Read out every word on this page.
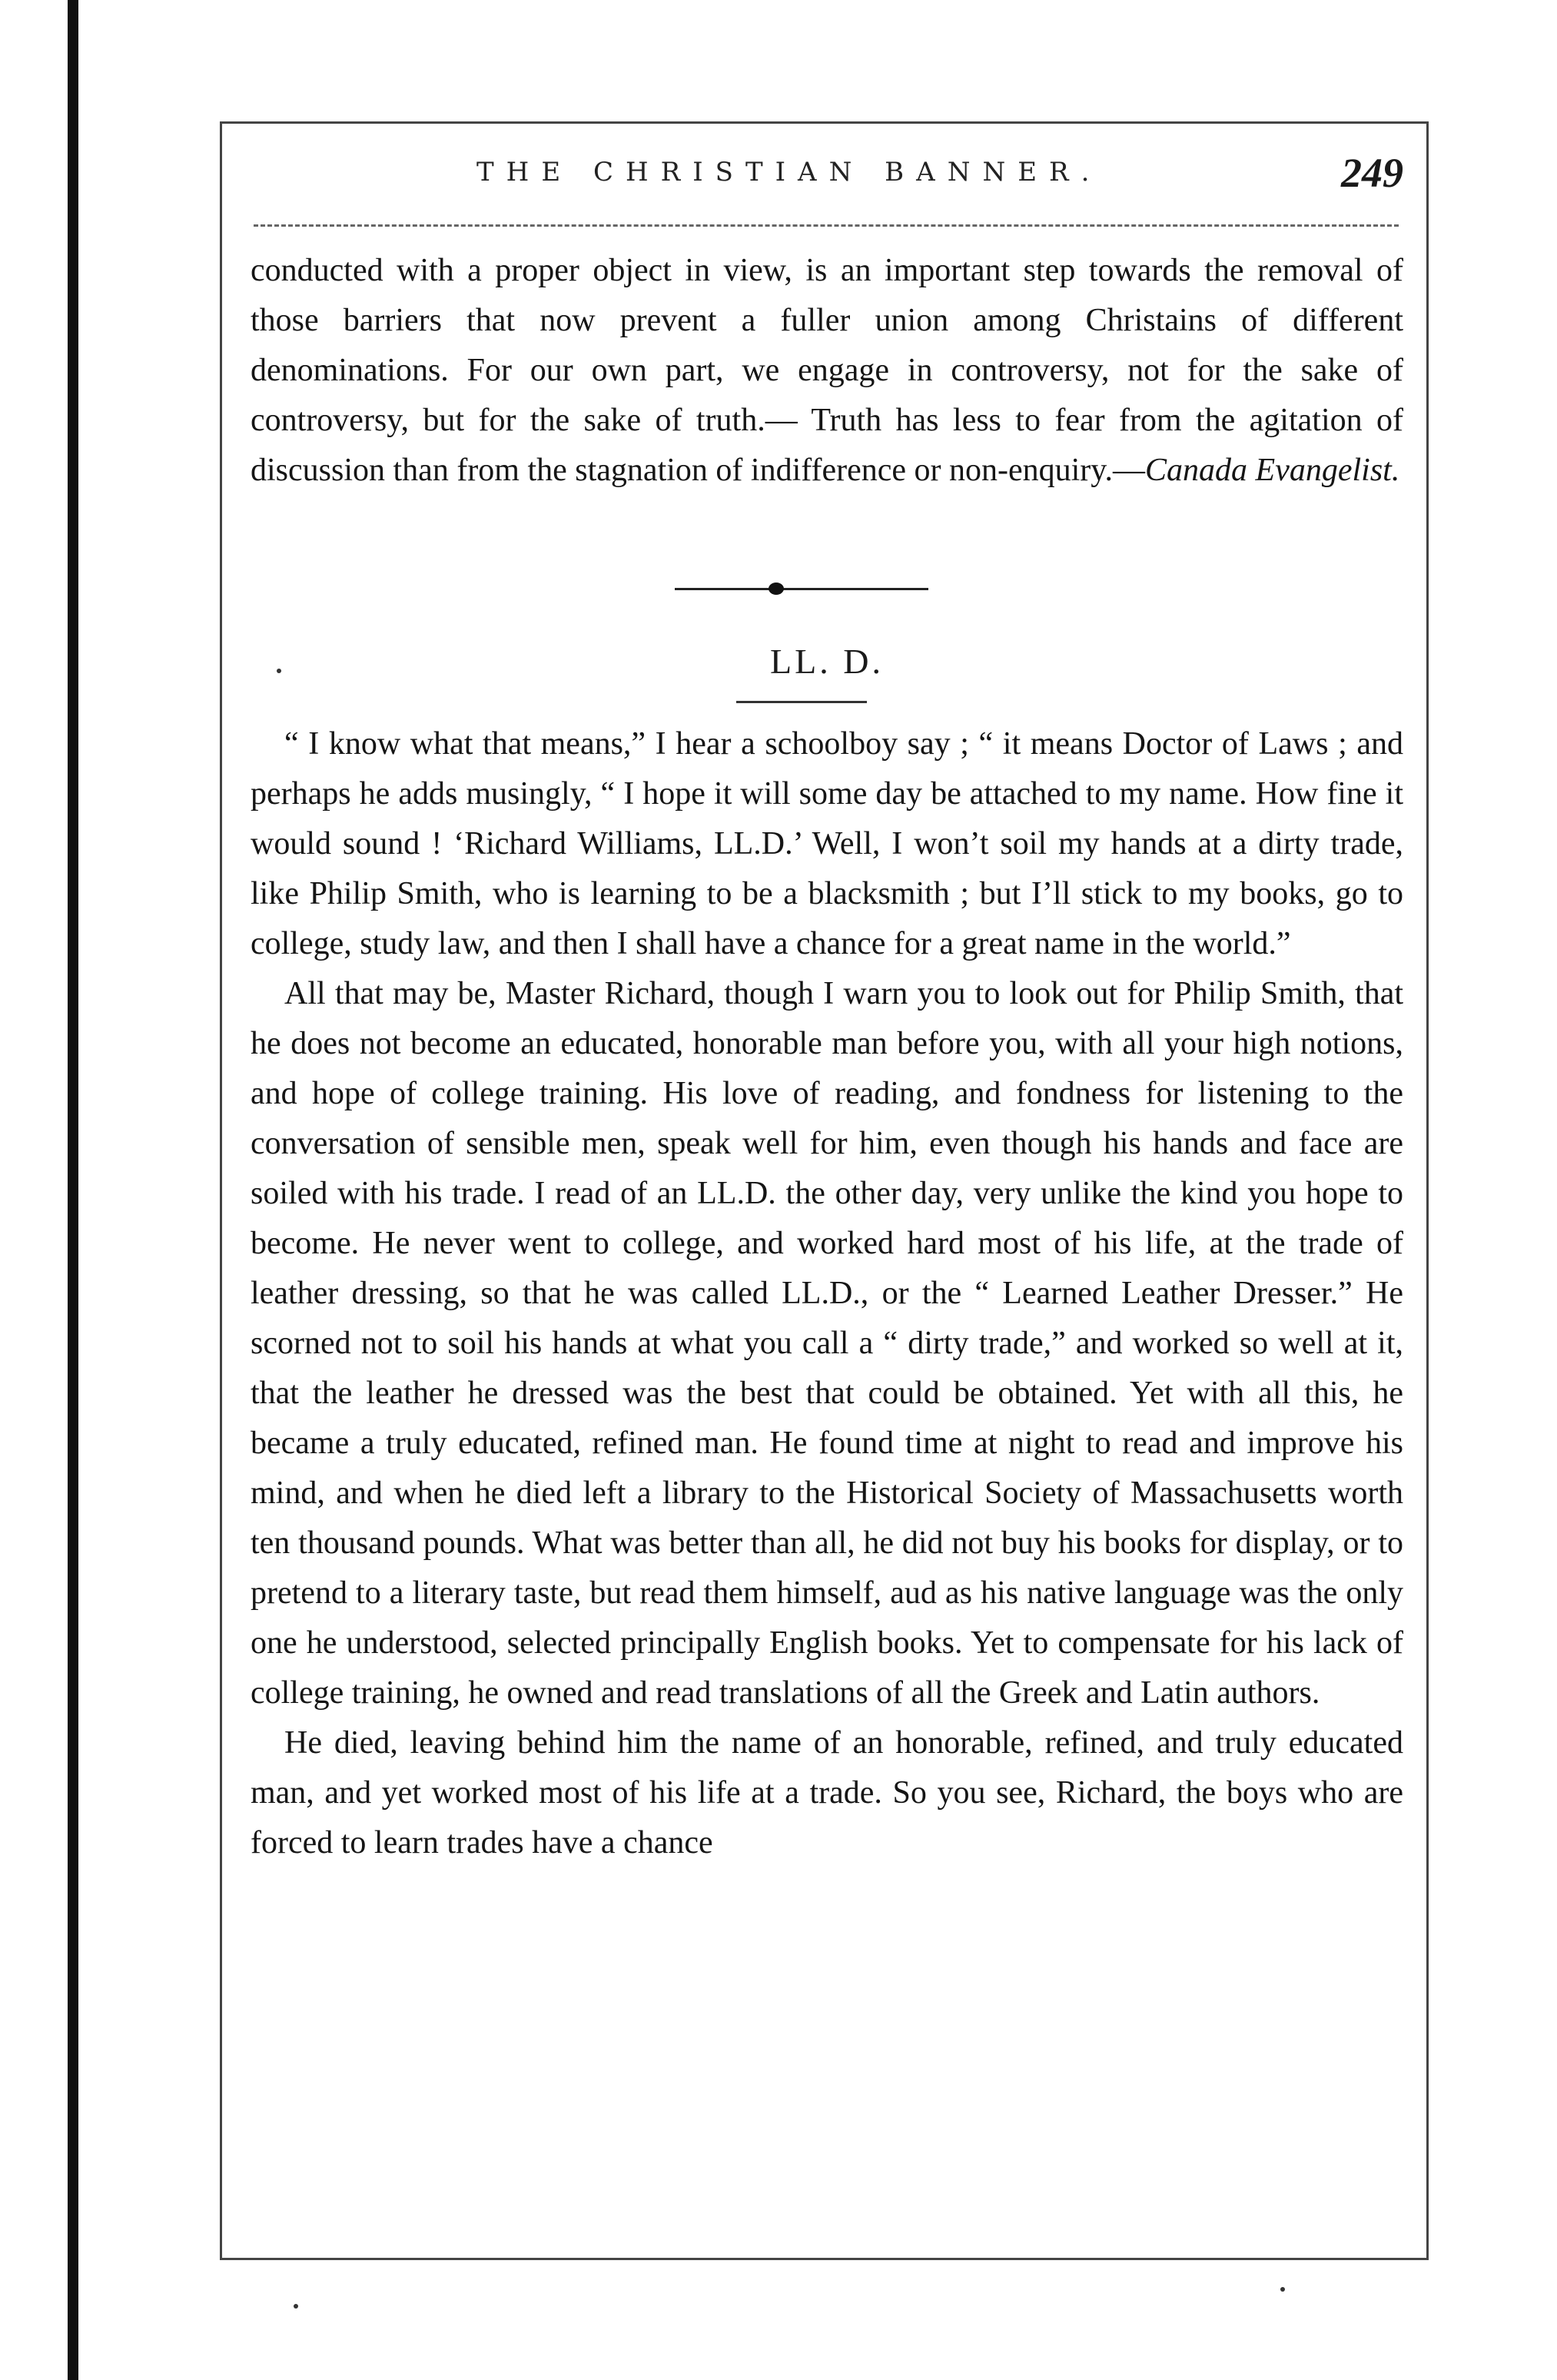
THE CHRISTIAN BANNER.	249

conducted with a proper object in view, is an important step towards the removal of those barriers that now prevent a fuller union among Christains of different denominations. For our own part, we engage in controversy, not for the sake of controversy, but for the sake of truth.— Truth has less to fear from the agitation of discussion than from the stagnation of indifference or non-enquiry.—Canada Evangelist.

LL. D.

“ I know what that means,” I hear a schoolboy say ; “ it means Doctor of Laws ; and perhaps he adds musingly, “ I hope it will some day be attached to my name. How fine it would sound ! ‘Richard Williams, LL.D.’ Well, I won’t soil my hands at a dirty trade, like Philip Smith, who is learning to be a blacksmith ; but I’ll stick to my books, go to college, study law, and then I shall have a chance for a great name in the world.”

All that may be, Master Richard, though I warn you to look out for Philip Smith, that he does not become an educated, honorable man before you, with all your high notions, and hope of college training. His love of reading, and fondness for listening to the conversation of sensible men, speak well for him, even though his hands and face are soiled with his trade. I read of an LL.D. the other day, very unlike the kind you hope to become. He never went to college, and worked hard most of his life, at the trade of leather dressing, so that he was called LL.D., or the “ Learned Leather Dresser.” He scorned not to soil his hands at what you call a “ dirty trade,” and worked so well at it, that the leather he dressed was the best that could be obtained. Yet with all this, he became a truly educated, refined man. He found time at night to read and improve his mind, and when he died left a library to the Historical Society of Massachusetts worth ten thousand pounds. What was better than all, he did not buy his books for display, or to pretend to a literary taste, but read them himself, aud as his native language was the only one he understood, selected principally English books. Yet to compensate for his lack of college training, he owned and read translations of all the Greek and Latin authors.

He died, leaving behind him the name of an honorable, refined, and truly educated man, and yet worked most of his life at a trade. So you see, Richard, the boys who are forced to learn trades have a chance
